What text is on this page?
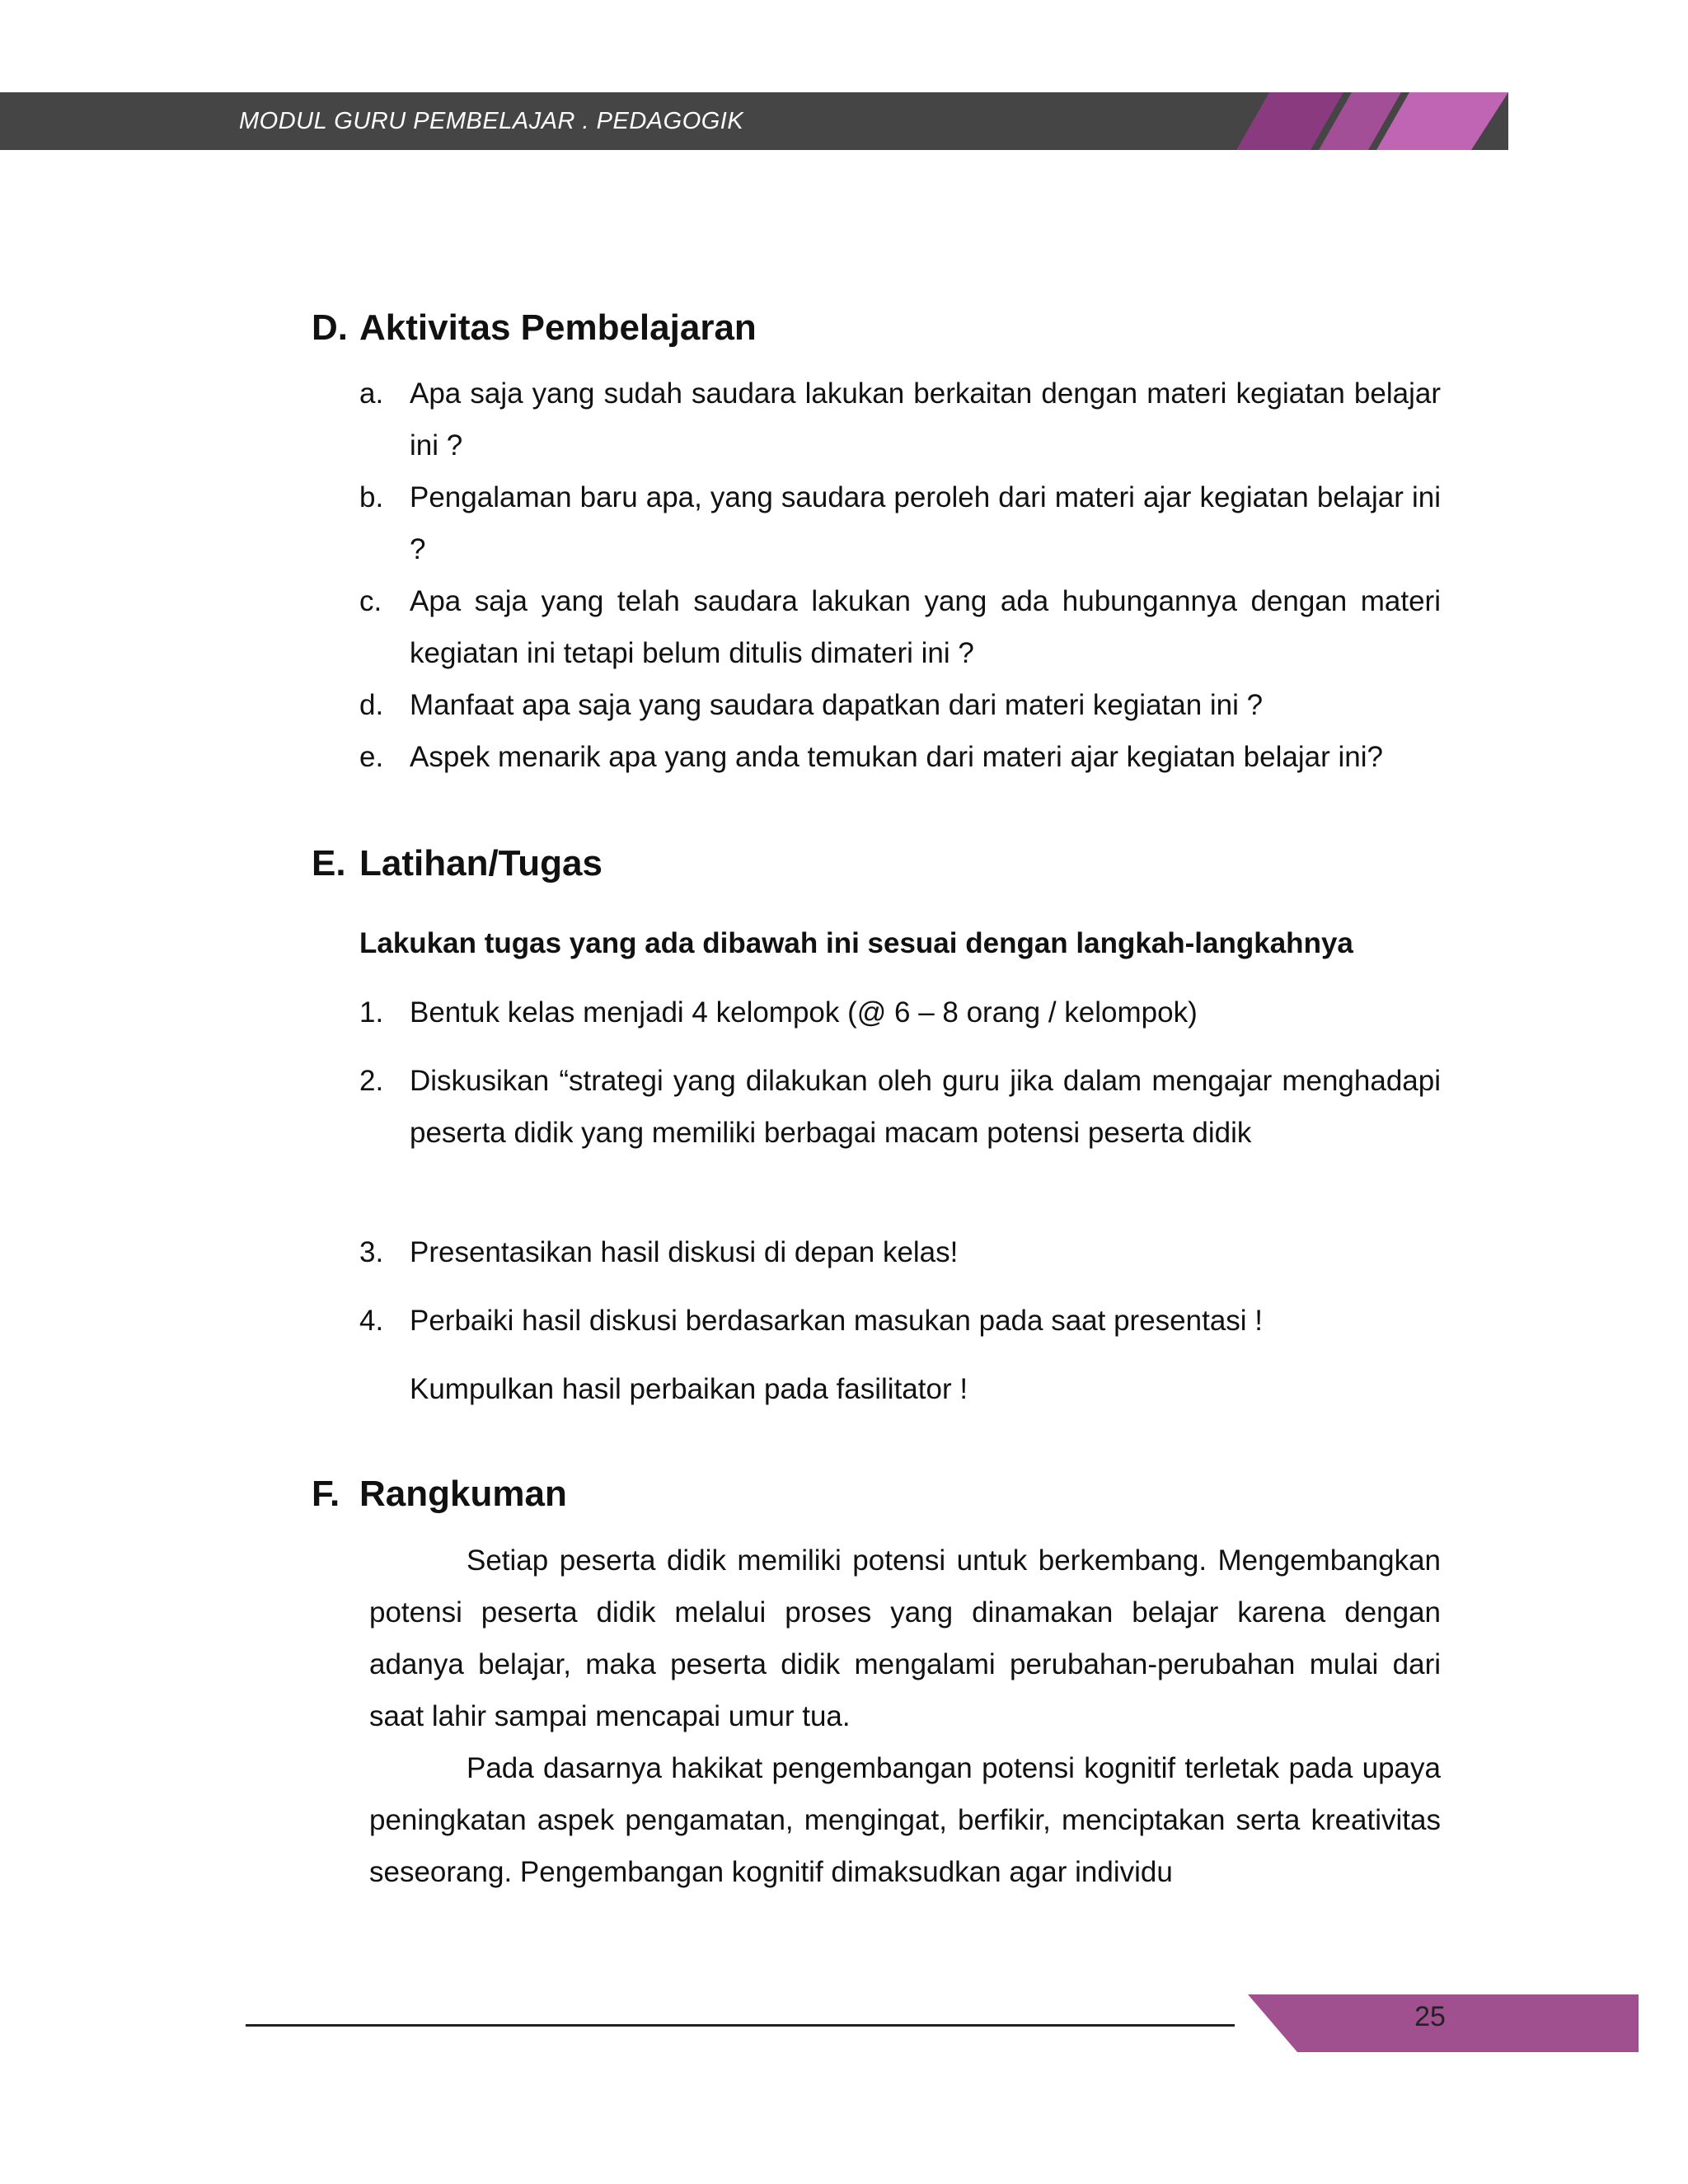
MODUL GURU PEMBELAJAR . PEDAGOGIK
D. Aktivitas Pembelajaran
a. Apa saja yang sudah saudara lakukan berkaitan dengan materi kegiatan belajar ini ?
b. Pengalaman baru apa, yang saudara peroleh dari materi ajar kegiatan belajar ini ?
c. Apa saja yang telah saudara lakukan yang ada hubungannya dengan materi kegiatan ini tetapi belum ditulis dimateri ini ?
d. Manfaat apa saja yang saudara dapatkan dari materi kegiatan ini ?
e. Aspek menarik apa yang anda temukan dari materi ajar kegiatan belajar ini?
E. Latihan/Tugas
Lakukan tugas yang ada dibawah ini sesuai dengan langkah-langkahnya
1. Bentuk kelas menjadi 4 kelompok (@ 6 – 8 orang / kelompok)
2. Diskusikan “strategi yang dilakukan oleh guru jika dalam mengajar menghadapi peserta didik yang memiliki berbagai macam potensi peserta didik
3. Presentasikan hasil diskusi di depan kelas!
4. Perbaiki hasil diskusi berdasarkan masukan pada saat presentasi !
Kumpulkan hasil perbaikan pada fasilitator !
F. Rangkuman

Setiap peserta didik memiliki potensi untuk berkembang. Mengembangkan potensi peserta didik melalui proses yang dinamakan belajar karena dengan adanya belajar, maka peserta didik mengalami perubahan-perubahan mulai dari saat lahir sampai mencapai umur tua.

Pada dasarnya hakikat pengembangan potensi kognitif terletak pada upaya peningkatan aspek pengamatan, mengingat, berfikir, menciptakan serta kreativitas seseorang. Pengembangan kognitif dimaksudkan agar individu

25
